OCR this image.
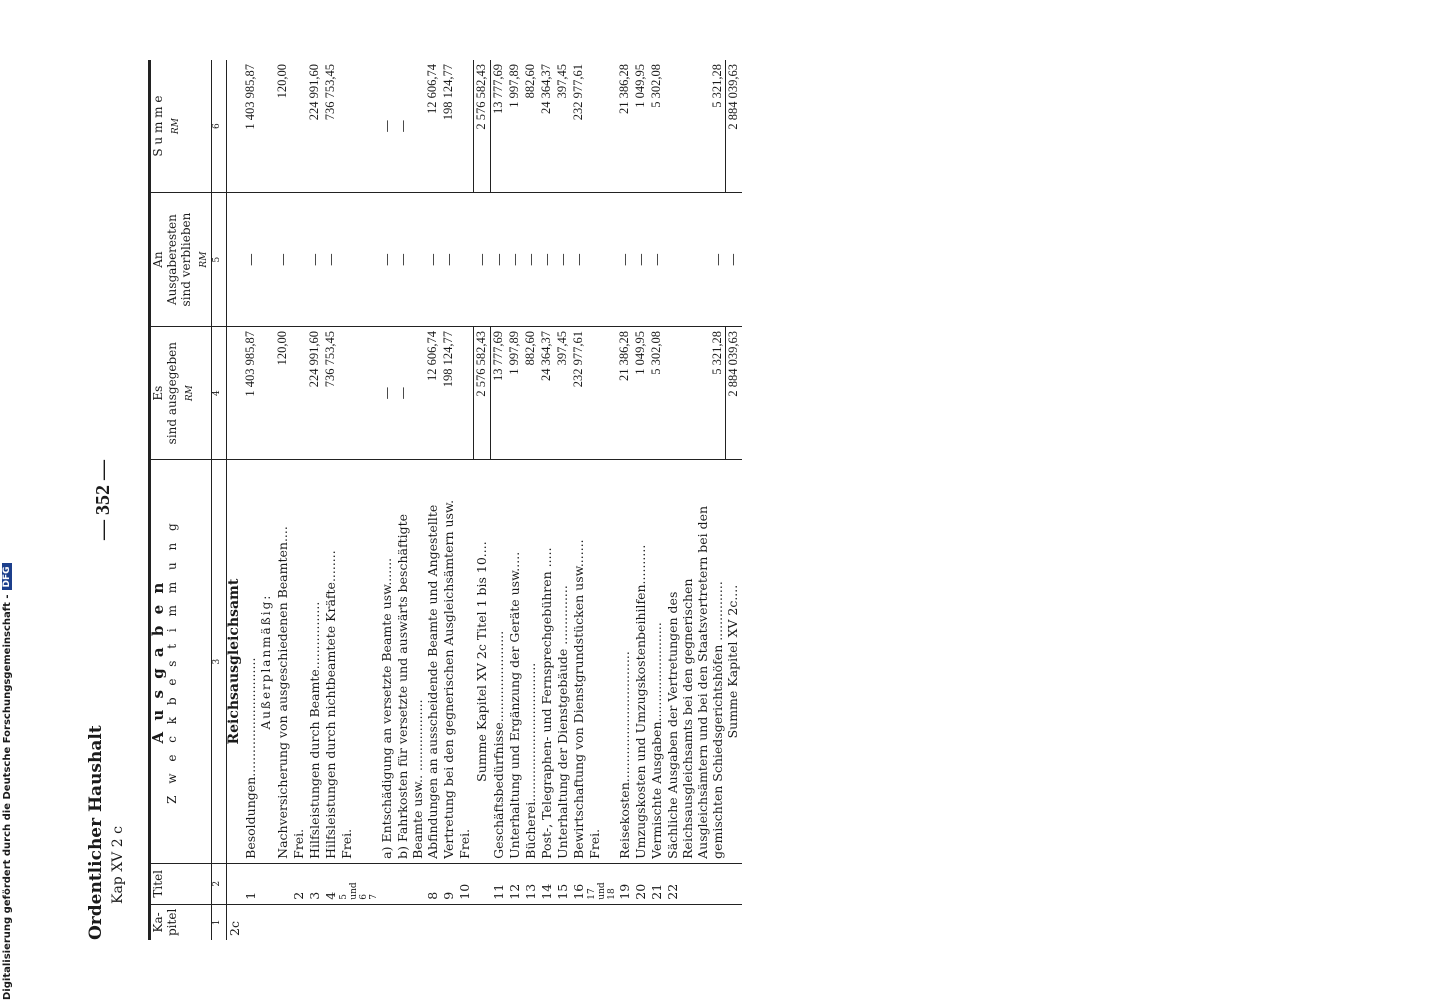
Ordentlicher Haushalt Kap XV 2 c
— 352 —
Ka-
pitel	Titel	A u s g a b e n
Z w e c k b e s t i m m u n g	Es
sind ausgegeben RM	An
Ausgaberesten
sind verblieben RM	S u m m e RM

1	2	3	4	5	6
2c		Reichsausgleichsamt			
	1	Besoldungen..............................	1 403 985,87	—	1 403 985,87
		Außerplanmäßig:			
		Nachversicherung von ausgeschiedenen Beamten....	120,00	—	120,00
	2	Frei.			
	3	Hilfsleistungen durch Beamte.................	224 991,60	—	224 991,60
	4	Hilfsleistungen durch nichtbeamtete Kräfte........	736 753,45	—	736 753,45
	5
und
6
7	Frei.			
		a) Entschädigung an versetzte Beamte usw.......	—	—	—
		b) Fahrkosten für versetzte und auswärts beschäftigte Beamte usw.. ..................	—	—	—
	8	Abfindungen an ausscheidende Beamte und Angestellte	12 606,74	—	12 606,74
	9	Vertretung bei den gegnerischen Ausgleichsämtern usw.	198 124,77	—	198 124,77
	10	Frei.			
		Summe Kapitel XV 2c Titel 1 bis 10....	2 576 582,43	—	2 576 582,43
	11	Geschäftsbedürfnisse.......................	13 777,69	—	13 777,69
	12	Unterhaltung und Ergänzung der Geräte usw.....	1 997,89	—	1 997,89
	13	Bücherei...................................	882,60	—	882,60
	14	Post-, Telegraphen- und Fernsprechgebühren .....	24 364,37	—	24 364,37
	15	Unterhaltung der Dienstgebäude ...............	397,45	—	397,45
	16	Bewirtschaftung von Dienstgrundstücken usw.......	232 977,61	—	232 977,61
	17
und
18	Frei.			
	19	Reisekosten.................................	21 386,28	—	21 386,28
	20	Umzugskosten und Umzugskostenbeihilfen..........	1 049,95	—	1 049,95
	21	Vermischte Ausgaben.........................	5 302,08	—	5 302,08
	22	Sächliche Ausgaben der Vertretungen des Reichsausgleichsamts bei den gegnerischen Ausgleichsämtern und bei den Staatsvertretern bei den gemischten Schiedsgerichtshöfen ...............	5 321,28	—	5 321,28
		Summe Kapitel XV 2c....	2 884 039,63	—	2 884 039,63
Digitalisierung gefördert durch die Deutsche Forschungsgemeinschaft -
DFG
